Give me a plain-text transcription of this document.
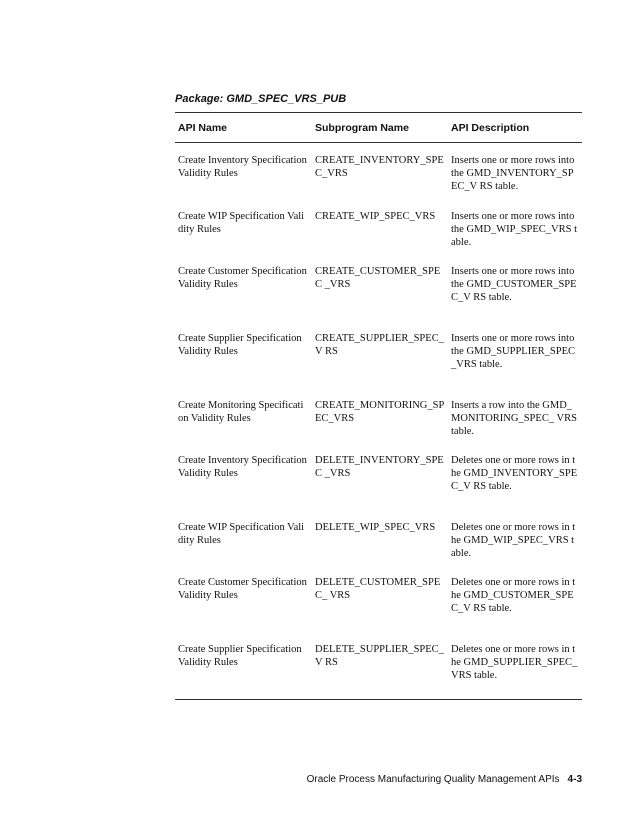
Package: GMD_SPEC_VRS_PUB
API Name	Subprogram Name	API Description
Create Inventory Specification Validity Rules	CREATE_INVENTORY_SPE C_VRS	Inserts one or more rows into the GMD_INVENTORY_SPEC_V RS table.
Create WIP Specification Validity Rules	CREATE_WIP_SPEC_VRS	Inserts one or more rows into the GMD_WIP_SPEC_VRS table.
Create Customer Specification Validity Rules	CREATE_CUSTOMER_SPEC _VRS	Inserts one or more rows into the GMD_CUSTOMER_SPEC_V RS table.
Create Supplier Specification Validity Rules	CREATE_SUPPLIER_SPEC_V RS	Inserts one or more rows into the GMD_SUPPLIER_SPEC_VRS table.
Create Monitoring Specification Validity Rules	CREATE_MONITORING_SP EC_VRS	Inserts a row into the GMD_MONITORING_SPEC_ VRS table.
Create Inventory Specification Validity Rules	DELETE_INVENTORY_SPEC _VRS	Deletes one or more rows in the GMD_INVENTORY_SPEC_V RS table.
Create WIP Specification Validity Rules	DELETE_WIP_SPEC_VRS	Deletes one or more rows in the GMD_WIP_SPEC_VRS table.
Create Customer Specification Validity Rules	DELETE_CUSTOMER_SPEC_ VRS	Deletes one or more rows in the GMD_CUSTOMER_SPEC_V RS table.
Create Supplier Specification Validity Rules	DELETE_SUPPLIER_SPEC_V RS	Deletes one or more rows in the GMD_SUPPLIER_SPEC_VRS table.
Oracle Process Manufacturing Quality Management APIs 4-3
